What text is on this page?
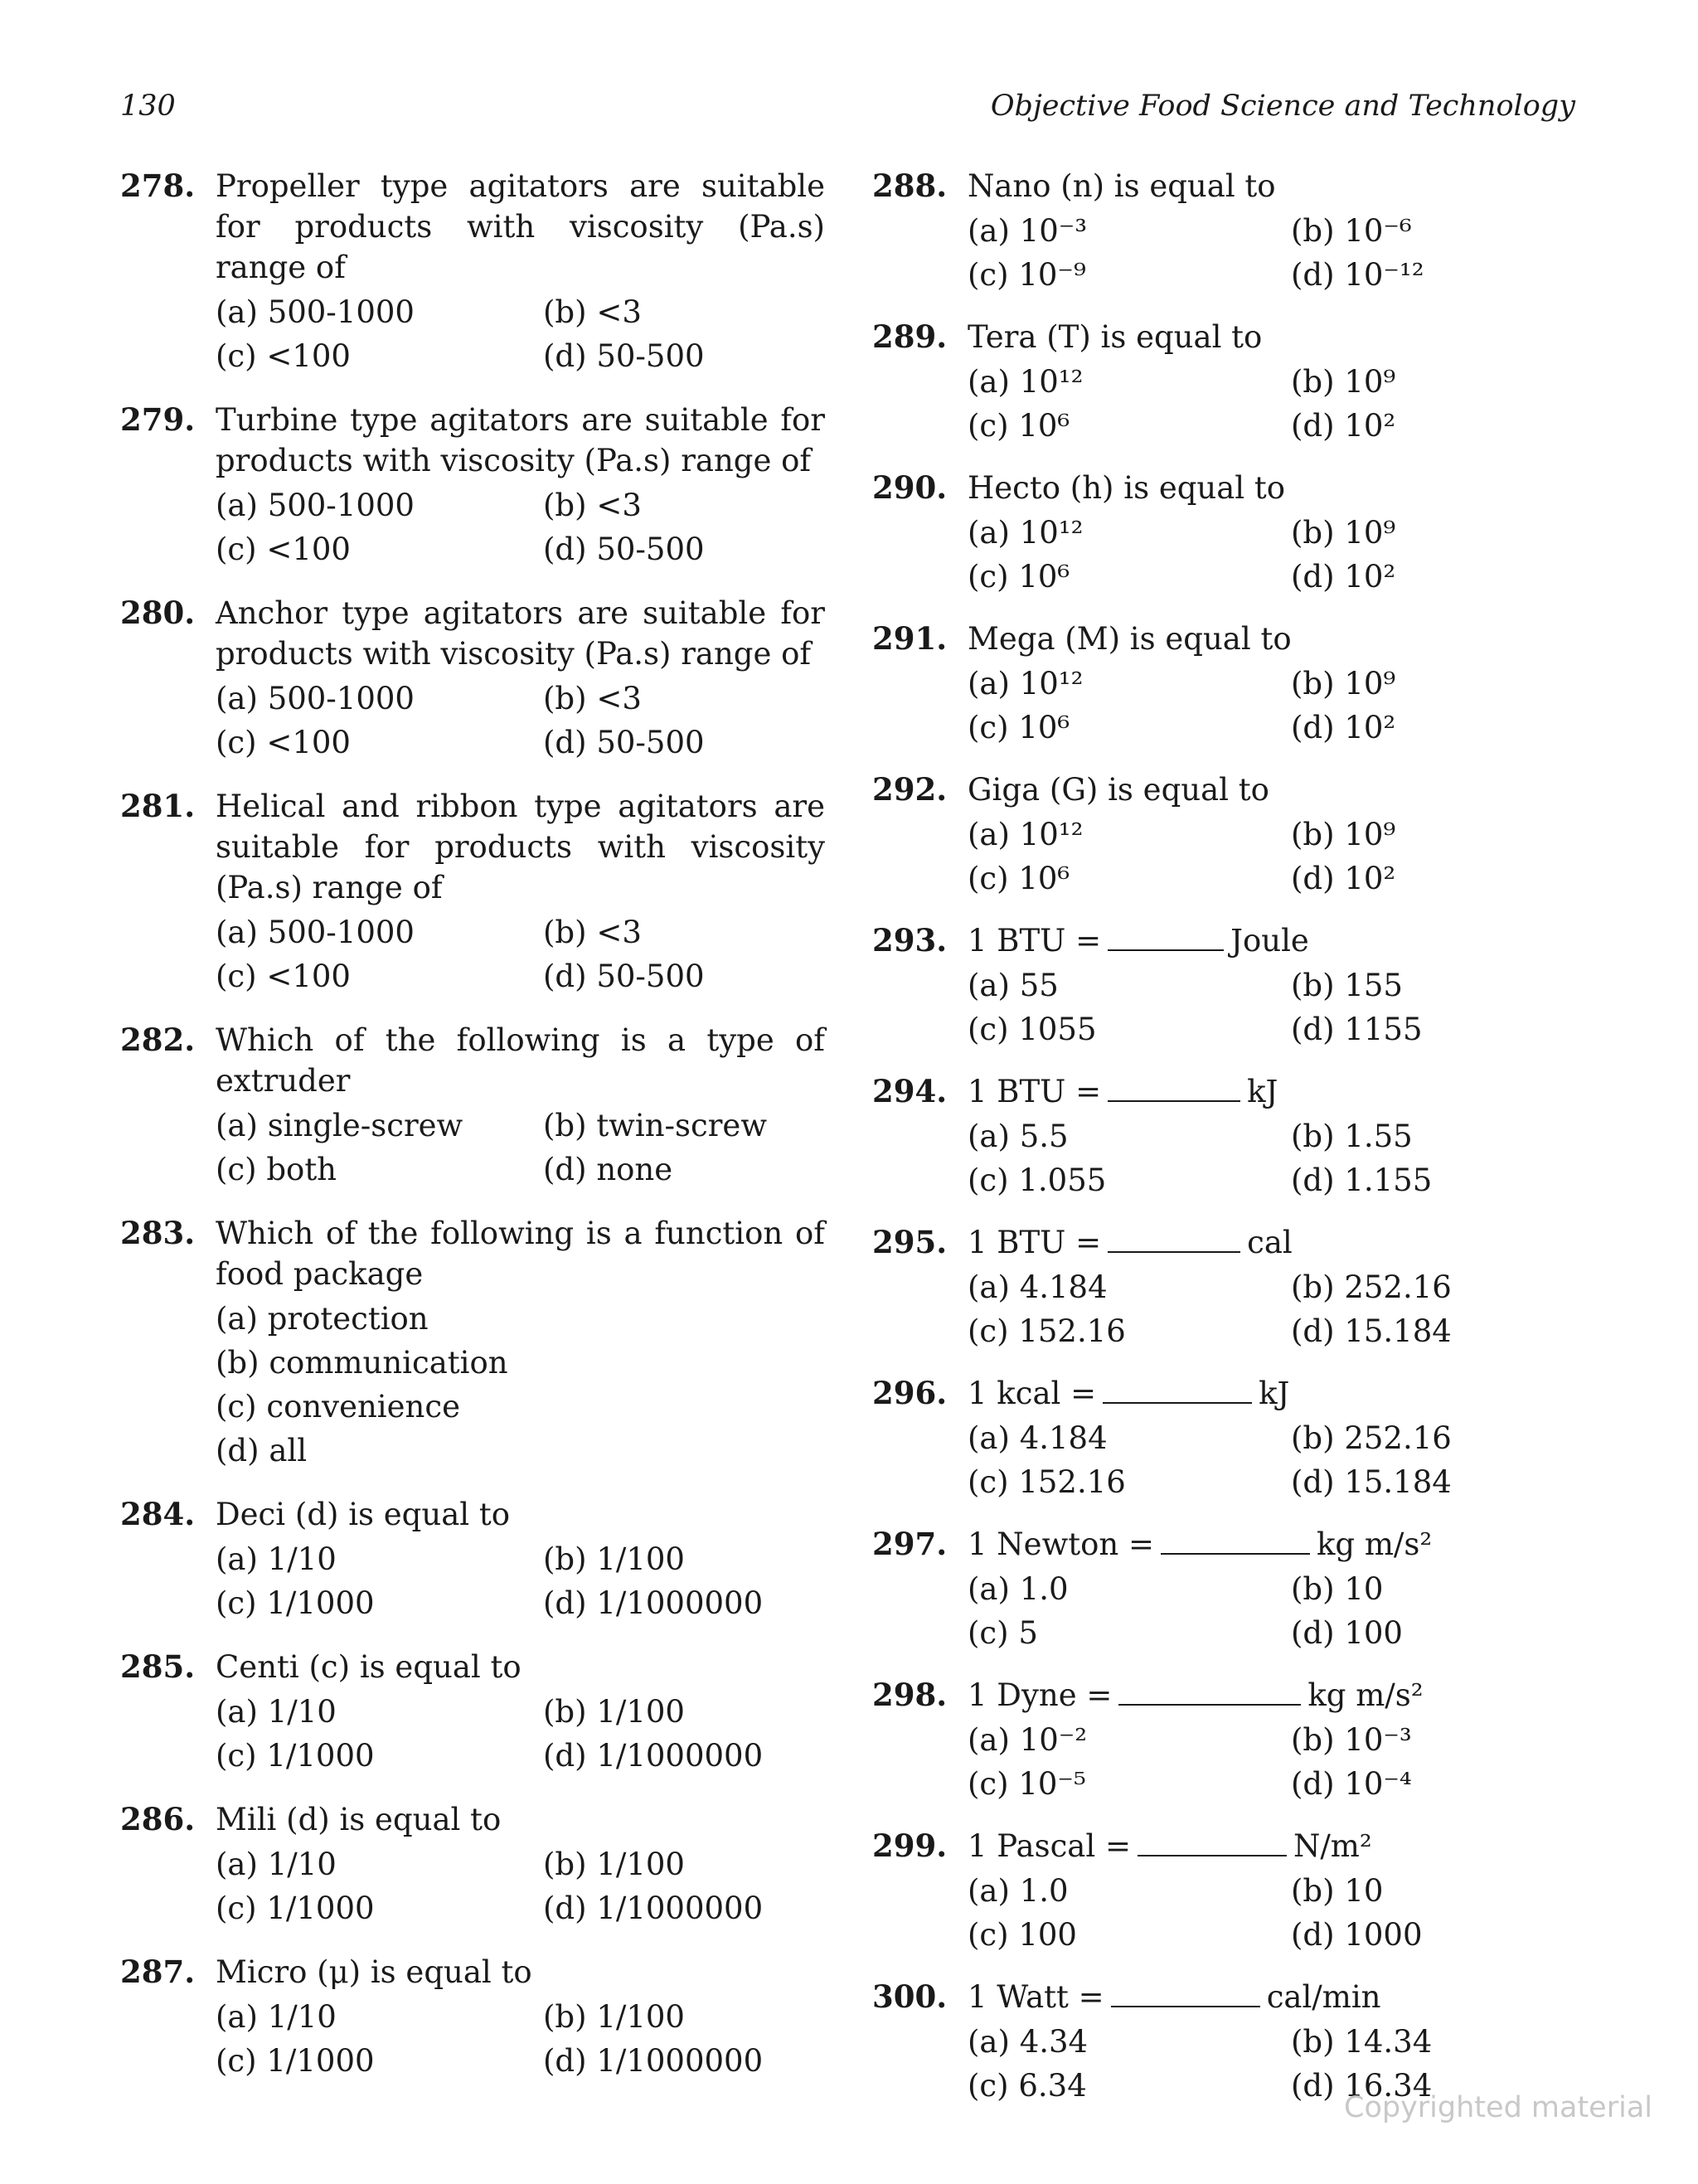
130	Objective Food Science and Technology
278. Propeller type agitators are suitable for products with viscosity (Pa.s) range of
(a) 500-1000	(b) <3
(c) <100	(d) 50-500
279. Turbine type agitators are suitable for products with viscosity (Pa.s) range of
(a) 500-1000	(b) <3
(c) <100	(d) 50-500
280. Anchor type agitators are suitable for products with viscosity (Pa.s) range of
(a) 500-1000	(b) <3
(c) <100	(d) 50-500
281. Helical and ribbon type agitators are suitable for products with viscosity (Pa.s) range of
(a) 500-1000	(b) <3
(c) <100	(d) 50-500
282. Which of the following is a type of extruder
(a) single-screw	(b) twin-screw
(c) both	(d) none
283. Which of the following is a function of food package
(a) protection
(b) communication
(c) convenience
(d) all
284. Deci (d) is equal to
(a) 1/10	(b) 1/100
(c) 1/1000	(d) 1/1000000
285. Centi (c) is equal to
(a) 1/10	(b) 1/100
(c) 1/1000	(d) 1/1000000
286. Mili (d) is equal to
(a) 1/10	(b) 1/100
(c) 1/1000	(d) 1/1000000
287. Micro (μ) is equal to
(a) 1/10	(b) 1/100
(c) 1/1000	(d) 1/1000000
288. Nano (n) is equal to
(a) 10⁻³	(b) 10⁻⁶
(c) 10⁻⁹	(d) 10⁻¹²
289. Tera (T) is equal to
(a) 10¹²	(b) 10⁹
(c) 10⁶	(d) 10²
290. Hecto (h) is equal to
(a) 10¹²	(b) 10⁹
(c) 10⁶	(d) 10²
291. Mega (M) is equal to
(a) 10¹²	(b) 10⁹
(c) 10⁶	(d) 10²
292. Giga (G) is equal to
(a) 10¹²	(b) 10⁹
(c) 10⁶	(d) 10²
293. 1 BTU =	Joule
(a) 55	(b) 155
(c) 1055	(d) 1155
294. 1 BTU =	kJ
(a) 5.5	(b) 1.55
(c) 1.055	(d) 1.155
295. 1 BTU =	cal
(a) 4.184	(b) 252.16
(c) 152.16	(d) 15.184
296. 1 kcal =	kJ
(a) 4.184	(b) 252.16
(c) 152.16	(d) 15.184
297. 1 Newton =	kg m/s²
(a) 1.0	(b) 10
(c) 5	(d) 100
298. 1 Dyne =	kg m/s²
(a) 10⁻²	(b) 10⁻³
(c) 10⁻⁵	(d) 10⁻⁴
299. 1 Pascal =	N/m²
(a) 1.0	(b) 10
(c) 100	(d) 1000
300. 1 Watt =	cal/min
(a) 4.34	(b) 14.34
(c) 6.34	(d) 16.34
Copyrighted material
